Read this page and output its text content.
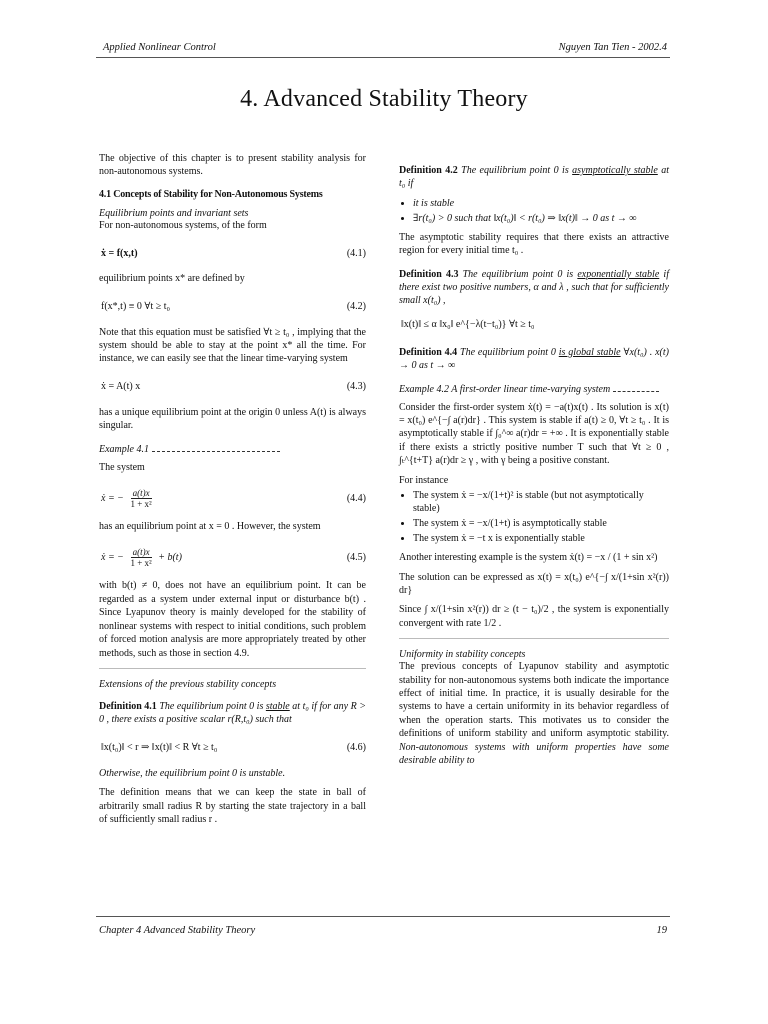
Applied Nonlinear Control	Nguyen Tan Tien - 2002.4
4. Advanced Stability Theory

The objective of this chapter is to present stability analysis for non-autonomous systems.

4.1 Concepts of Stability for Non-Autonomous Systems
Equilibrium points and invariant sets

For non-autonomous systems, of the form

ẋ = f(x,t)	(4.1)

equilibrium points x* are defined by

f(x*,t) ≡ 0 ∀t ≥ t₀	(4.2)

Note that this equation must be satisfied ∀t ≥ t₀ , implying that the system should be able to stay at the point x* all the time. For instance, we can easily see that the linear time-varying system

ẋ = A(t) x	(4.3)

has a unique equilibrium point at the origin 0 unless A(t) is always singular.

Example 4.1

The system

ẋ = − $\frac{a(t)x}{\text{1 + x²}}$	(4.4)

has an equilibrium point at x = 0 . However, the system

ẋ = − $\frac{a(t)x}{\text{1 + x²}} + b(t)$	(4.5)

with b(t) ≠ 0, does not have an equilibrium point. It can be regarded as a system under external input or disturbance b(t) . Since Lyapunov theory is mainly developed for the stability of nonlinear systems with respect to initial conditions, such problem of forced motion analysis are more appropriately treated by other methods, such as those in section 4.9.

Extensions of the previous stability concepts

Definition 4.1 The equilibrium point 0 is stable at t₀ if for any R > 0 , there exists a positive scalar r(R,t₀) such that

‖x(t₀)‖ < r ⇒ ‖x(t)‖ < R ∀t ≥ t₀	(4.6)

Otherwise, the equilibrium point 0 is unstable.

The definition means that we can keep the state in ball of arbitrarily small radius R by starting the state trajectory in a ball of sufficiently small radius r .

Definition 4.2 The equilibrium point 0 is asymptotically stable at t₀ if

• it is stable
• ∃r(t₀) > 0 such that ‖x(t₀)‖ < r(t₀) ⇒ ‖x(t)‖ → 0 as t → ∞

The asymptotic stability requires that there exists an attractive region for every initial time t₀ .

Definition 4.3 The equilibrium point 0 is exponentially stable if there exist two positive numbers, α and λ , such that for sufficiently small x(t₀) ,

‖x(t)‖ ≤ α ‖x₀‖ e^{−λ(t−t₀)} ∀t ≥ t₀

Definition 4.4 The equilibrium point 0 is global stable ∀x(t₀) . x(t) → 0 as t → ∞

Example 4.2 A first-order linear time-varying system

Consider the first-order system ẋ(t) = −a(t)x(t) . Its solution is x(t) = x(t₀) e^{−∫ a(r)dr} . This system is stable if a(t) ≥ 0, ∀t ≥ t₀ . It is asymptotically stable if ∫₀^∞ a(r)dr = +∞ . It is exponentially stable if there exists a strictly positive number T such that ∀t ≥ 0 , ∫ₜ^{t+T} a(r)dr ≥ γ , with γ being a positive constant.

For instance

• The system ẋ = −x/(1+t)² is stable (but not asymptotically stable)
• The system ẋ = −x/(1+t) is asymptotically stable
• The system ẋ = −t x is exponentially stable

Another interesting example is the system ẋ(t) = −x / (1 + sin x²)

The solution can be expressed as x(t) = x(t₀) e^{−∫ x/(1+sin x²(r)) dr}

Since ∫ x/(1+sin x²(r)) dr ≥ (t − t₀)/2 , the system is exponentially convergent with rate 1/2 .

Uniformity in stability concepts

The previous concepts of Lyapunov stability and asymptotic stability for non-autonomous systems both indicate the importance effect of initial time. In practice, it is usually desirable for the systems to have a certain uniformity in its behavior regardless of when the operation starts. This motivates us to consider the definitions of uniform stability and uniform asymptotic stability. Non-autonomous systems with uniform properties have some desirable ability to

Chapter 4 Advanced Stability Theory	19
